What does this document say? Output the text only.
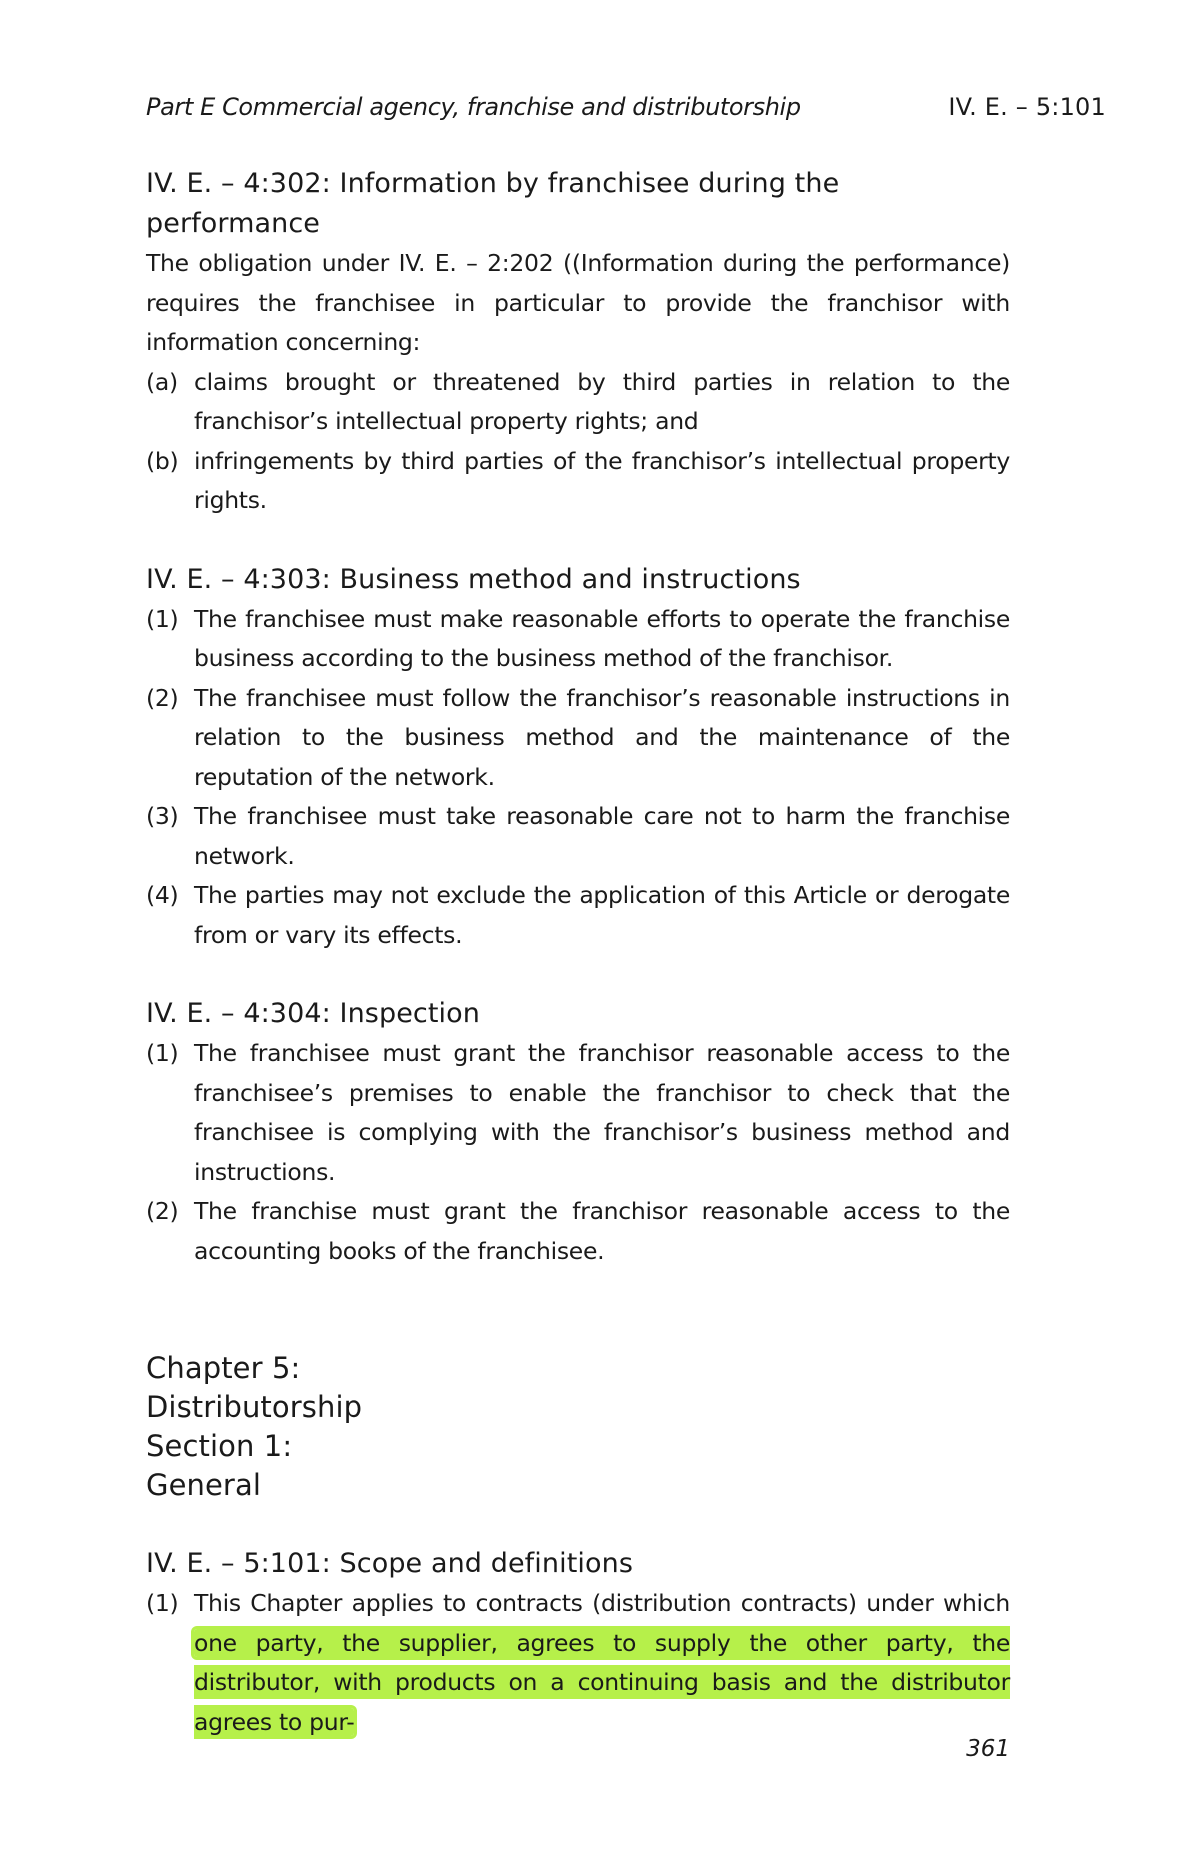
Part E Commercial agency, franchise and distributorship	IV. E. – 5:101
IV. E. – 4:302: Information by franchisee during the performance

The obligation under IV. E. – 2:202 ((Information during the performance) requires the franchisee in particular to provide the franchisor with information concerning:

(a) claims brought or threatened by third parties in relation to the franchisor’s intellectual property rights; and
(b) infringements by third parties of the franchisor’s intellectual property rights.
IV. E. – 4:303: Business method and instructions
(1) The franchisee must make reasonable efforts to operate the franchise business according to the business method of the franchisor.
(2) The franchisee must follow the franchisor’s reasonable instructions in relation to the business method and the maintenance of the reputation of the network.
(3) The franchisee must take reasonable care not to harm the franchise network.
(4) The parties may not exclude the application of this Article or derogate from or vary its effects.
IV. E. – 4:304: Inspection
(1) The franchisee must grant the franchisor reasonable access to the franchisee’s premises to enable the franchisor to check that the franchisee is complying with the franchisor’s business method and instructions.
(2) The franchise must grant the franchisor reasonable access to the accounting books of the franchisee.
Chapter 5:
Distributorship
Section 1:
General
IV. E. – 5:101: Scope and definitions
(1) This Chapter applies to contracts (distribution contracts) under which one party, the supplier, agrees to supply the other party, the distributor, with products on a continuing basis and the distributor agrees to pur-
361
